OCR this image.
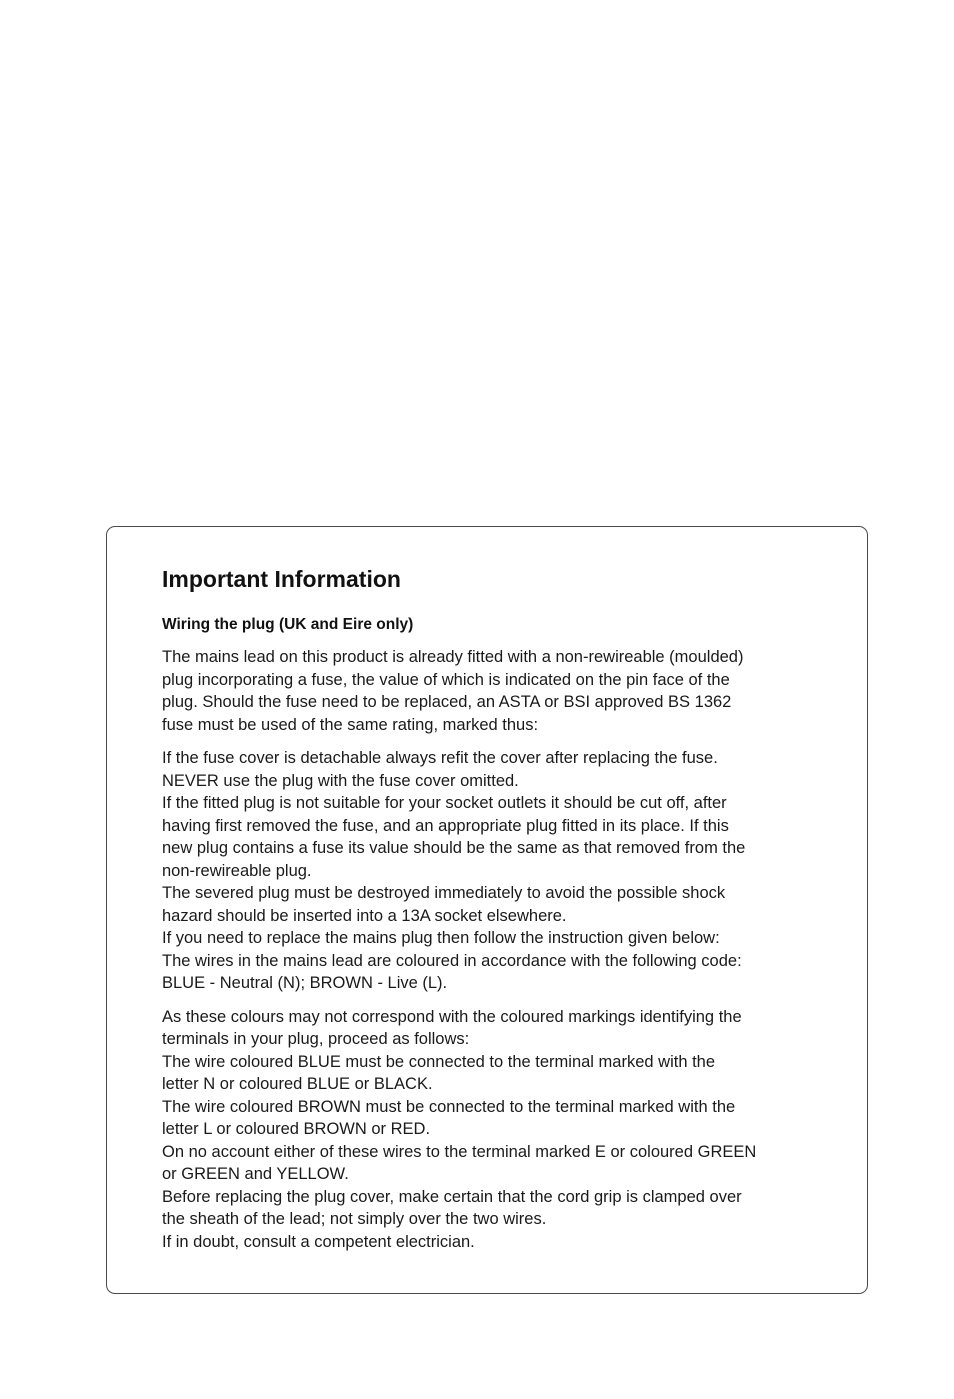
Important Information
Wiring the plug (UK and Eire only)

The mains lead on this product is already fitted with a non-rewireable (moulded)
plug incorporating a fuse, the value of which is indicated on the pin face of the
plug. Should the fuse need to be replaced, an ASTA or BSI approved BS 1362
fuse must be used of the same rating, marked thus:

If the fuse cover is detachable always refit the cover after replacing the fuse.
NEVER use the plug with the fuse cover omitted.
If the fitted plug is not suitable for your socket outlets it should be cut off, after
having first removed the fuse, and an appropriate plug fitted in its place. If this
new plug contains a fuse its value should be the same as that removed from the
non-rewireable plug.
The severed plug must be destroyed immediately to avoid the possible shock
hazard should be inserted into a 13A socket elsewhere.
If you need to replace the mains plug then follow the instruction given below:
The wires in the mains lead are coloured in accordance with the following code:
BLUE - Neutral (N); BROWN - Live (L).

As these colours may not correspond with the coloured markings identifying the
terminals in your plug, proceed as follows:
The wire coloured BLUE must be connected to the terminal marked with the
letter N or coloured BLUE or BLACK.
The wire coloured BROWN must be connected to the terminal marked with the
letter L or coloured BROWN or RED.
On no account either of these wires to the terminal marked E or coloured GREEN
or GREEN and YELLOW.
Before replacing the plug cover, make certain that the cord grip is clamped over
the sheath of the lead; not simply over the two wires.
If in doubt, consult a competent electrician.
